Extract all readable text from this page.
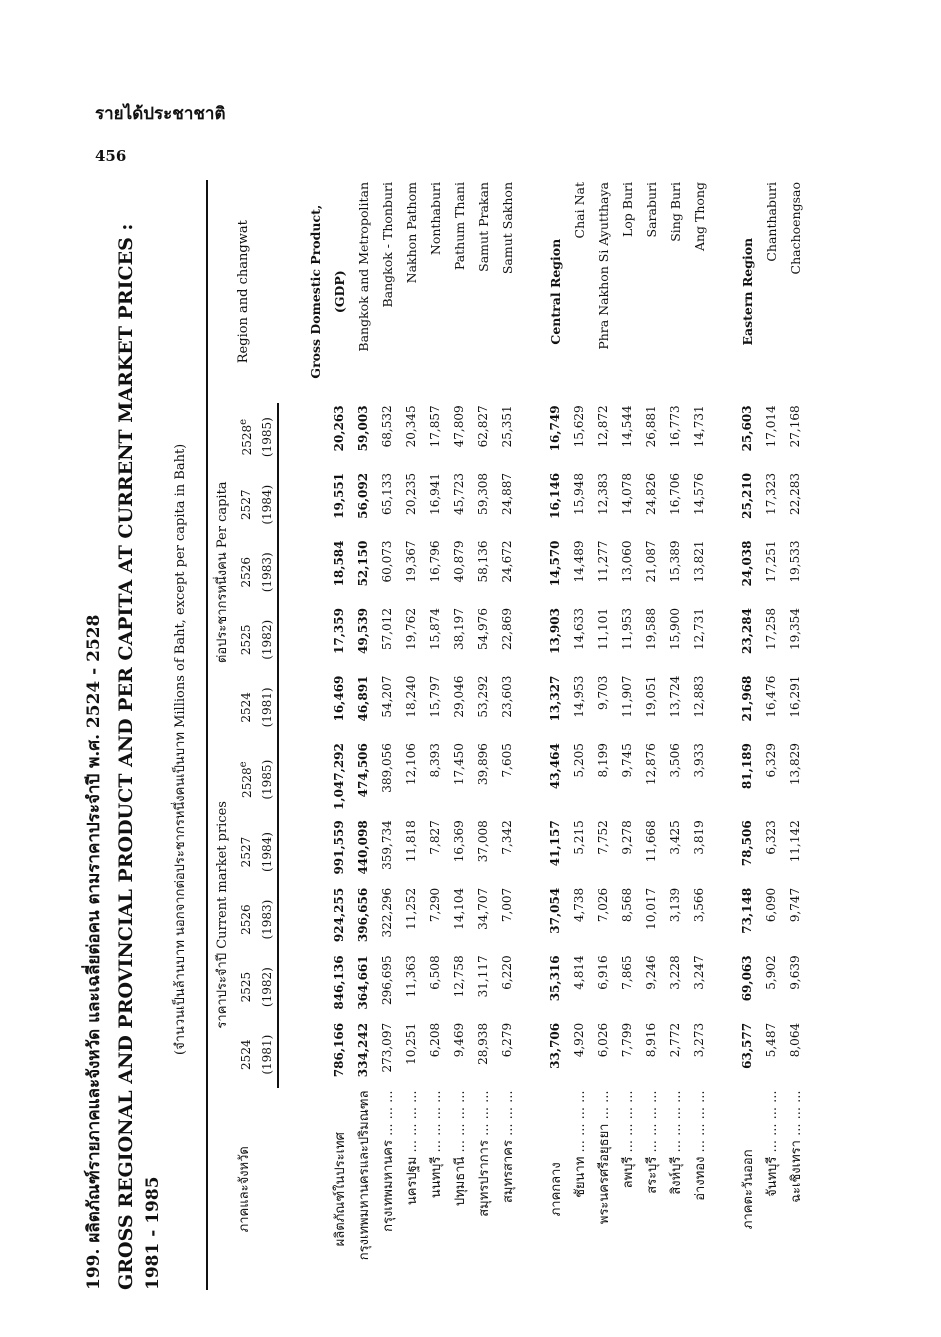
รายได้ประชาชาติ
456
199. ผลิตภัณฑ์รายภาคและจังหวัด และเฉลี่ยต่อคน ตามราคาประจำปี พ.ศ. 2524 - 2528 GROSS REGIONAL AND PROVINCIAL PRODUCT AND PER CAPITA AT CURRENT MARKET PRICES : 1981 - 1985
(จำนวนเป็นล้านบาท นอกจากต่อประชากรหนึ่งคนเป็นบาท Millions of Baht, except per capita in Baht)
ภาคและจังหวัด	ราคาประจำปี Current market prices					ต่อประชากรหนึ่งคน Per capita					Region and changwat
	2524	2525	2526	2527	2528e	2524	2525	2526	2527	2528e
	(1981)	(1982)	(1983)	(1984)	(1985)	(1981)	(1982)	(1983)	(1984)	(1985)	

											Gross Domestic Product,
ผลิตภัณฑ์ในประเทศ	786,166	846,136	924,255	991,559	1,047,292	16,469	17,359	18,584	19,551	20,263	(GDP)
กรุงเทพมหานครและปริมณฑล	334,242	364,661	396,656	440,098	474,506	46,891	49,539	52,150	56,092	59,003	Bangkok and Metropolitan
กรุงเทพมหานคร ... ... ...	273,097	296,695	322,296	359,734	389,056	54,207	57,012	60,073	65,133	68,532	Bangkok - Thonburi
นครปฐม ... ... ... ...	10,251	11,363	11,252	11,818	12,106	18,240	19,762	19,367	20,235	20,345	Nakhon Pathom
นนทบุรี ... ... ... ...	6,208	6,508	7,290	7,827	8,393	15,797	15,874	16,796	16,941	17,857	Nonthaburi
ปทุมธานี ... ... ... ...	9,469	12,758	14,104	16,369	17,450	29,046	38,197	40,879	45,723	47,809	Pathum Thani
สมุทรปราการ ... ... ...	28,938	31,117	34,707	37,008	39,896	53,292	54,976	58,136	59,308	62,827	Samut Prakan
สมุทรสาคร ... ... ...	6,279	6,220	7,007	7,342	7,605	23,603	22,869	24,672	24,887	25,351	Samut Sakhon

ภาคกลาง	33,706	35,316	37,054	41,157	43,464	13,327	13,903	14,570	16,146	16,749	Central Region
ชัยนาท ... ... ... ...	4,920	4,814	4,738	5,215	5,205	14,953	14,633	14,489	15,948	15,629	Chai Nat
พระนครศรีอยุธยา ... ...	6,026	6,916	7,026	7,752	8,199	9,703	11,101	11,277	12,383	12,872	Phra Nakhon Si Ayutthaya
ลพบุรี ... ... ... ...	7,799	7,865	8,568	9,278	9,745	11,907	11,953	13,060	14,078	14,544	Lop Buri
สระบุรี ... ... ... ...	8,916	9,246	10,017	11,668	12,876	19,051	19,588	21,087	24,826	26,881	Saraburi
สิงห์บุรี ... ... ... ...	2,772	3,228	3,139	3,425	3,506	13,724	15,900	15,389	16,706	16,773	Sing Buri
อ่างทอง ... ... ... ...	3,273	3,247	3,566	3,819	3,933	12,883	12,731	13,821	14,576	14,731	Ang Thong

ภาคตะวันออก	63,577	69,063	73,148	78,506	81,189	21,968	23,284	24,038	25,210	25,603	Eastern Region
จันทบุรี ... ... ... ...	5,487	5,902	6,090	6,323	6,329	16,476	17,258	17,251	17,323	17,014	Chanthaburi
ฉะเชิงเทรา ... ... ...	8,064	9,639	9,747	11,142	13,829	16,291	19,354	19,533	22,283	27,168	Chachoengsao
